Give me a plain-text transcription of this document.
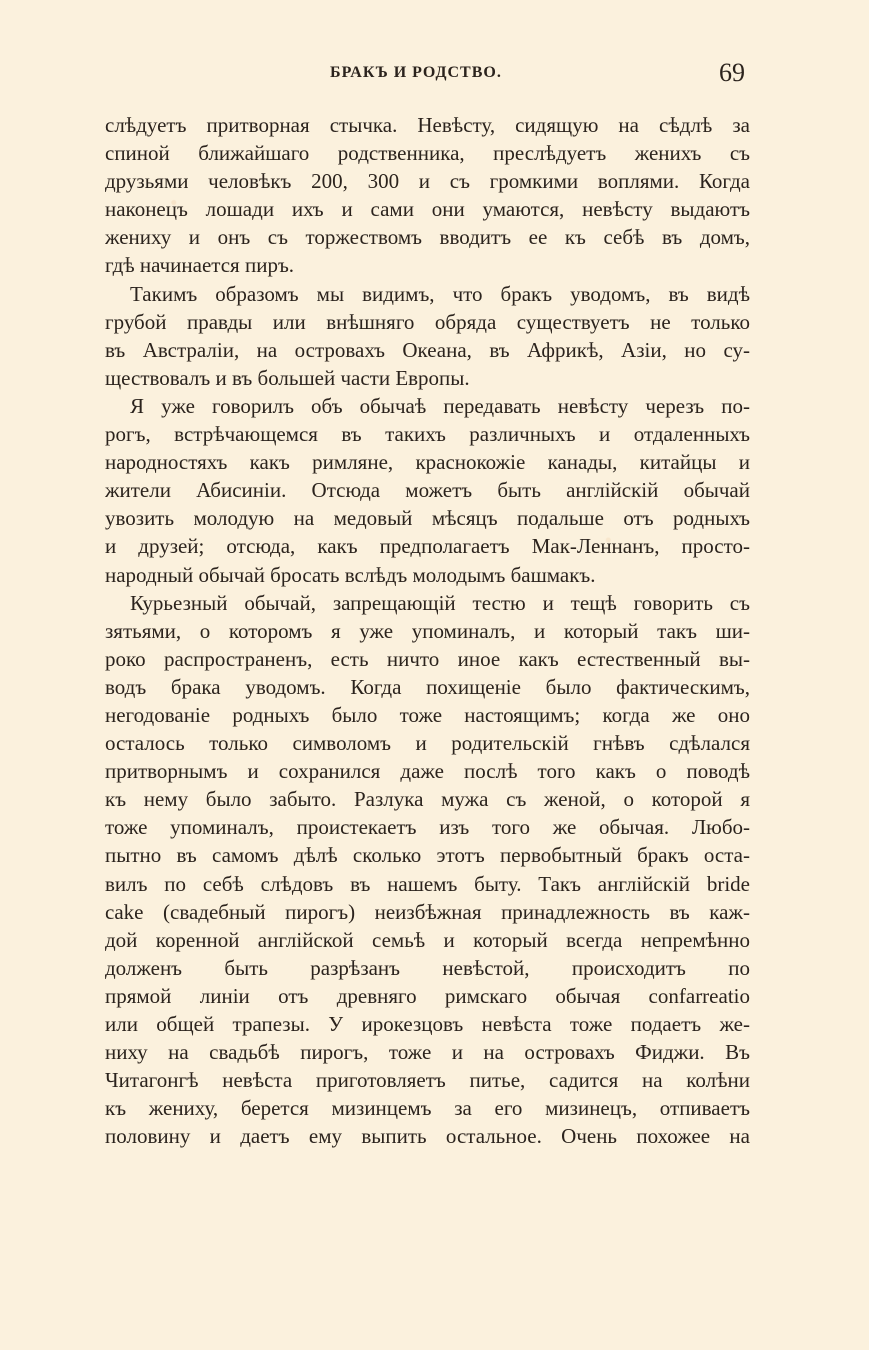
БРАКЪ И РОДСТВО.	69
слѣдуетъ притворная стычка. Невѣсту, сидящую на сѣдлѣ за
спиной ближайшаго родственника, преслѣдуетъ женихъ съ
друзьями человѣкъ 200, 300 и съ громкими воплями. Когда
наконецъ лошади ихъ и сами они умаются, невѣсту выдаютъ
жениху и онъ съ торжествомъ вводитъ ее къ себѣ въ домъ,
гдѣ начинается пиръ.
Такимъ образомъ мы видимъ, что бракъ уводомъ, въ видѣ
грубой правды или внѣшняго обряда существуетъ не только
въ Австраліи, на островахъ Океана, въ Африкѣ, Азіи, но су-
ществовалъ и въ большей части Европы.
Я уже говорилъ объ обычаѣ передавать невѣсту черезъ по-
рогъ, встрѣчающемся въ такихъ различныхъ и отдаленныхъ
народностяхъ какъ римляне, краснокожіе канады, китайцы и
жители Абисиніи. Отсюда можетъ быть англійскій обычай
увозить молодую на медовый мѣсяцъ подальше отъ родныхъ
и друзей; отсюда, какъ предполагаетъ Мак-Леннанъ, просто-
народный обычай бросать вслѣдъ молодымъ башмакъ.
Курьезный обычай, запрещающій тестю и тещѣ говорить съ
зятьями, о которомъ я уже упоминалъ, и который такъ ши-
роко распространенъ, есть ничто иное какъ естественный вы-
водъ брака уводомъ. Когда похищеніе было фактическимъ,
негодованіе родныхъ было тоже настоящимъ; когда же оно
осталось только символомъ и родительскій гнѣвъ сдѣлался
притворнымъ и сохранился даже послѣ того какъ о поводѣ
къ нему было забыто. Разлука мужа съ женой, о которой я
тоже упоминалъ, проистекаетъ изъ того же обычая. Любо-
пытно въ самомъ дѣлѣ сколько этотъ первобытный бракъ оста-
вилъ по себѣ слѣдовъ въ нашемъ быту. Такъ англійскій bride
cake (свадебный пирогъ) неизбѣжная принадлежность въ каж-
дой коренной англійской семьѣ и который всегда непремѣнно
долженъ быть разрѣзанъ невѣстой, происходитъ по
прямой линіи отъ древняго римскаго обычая confarreatio
или общей трапезы. У ирокезцовъ невѣста тоже подаетъ же-
ниху на свадьбѣ пирогъ, тоже и на островахъ Фиджи. Въ
Читагонгѣ невѣста приготовляетъ питье, садится на колѣни
къ жениху, берется мизинцемъ за его мизинецъ, отпиваетъ
половину и даетъ ему выпить остальное. Очень похожее на
